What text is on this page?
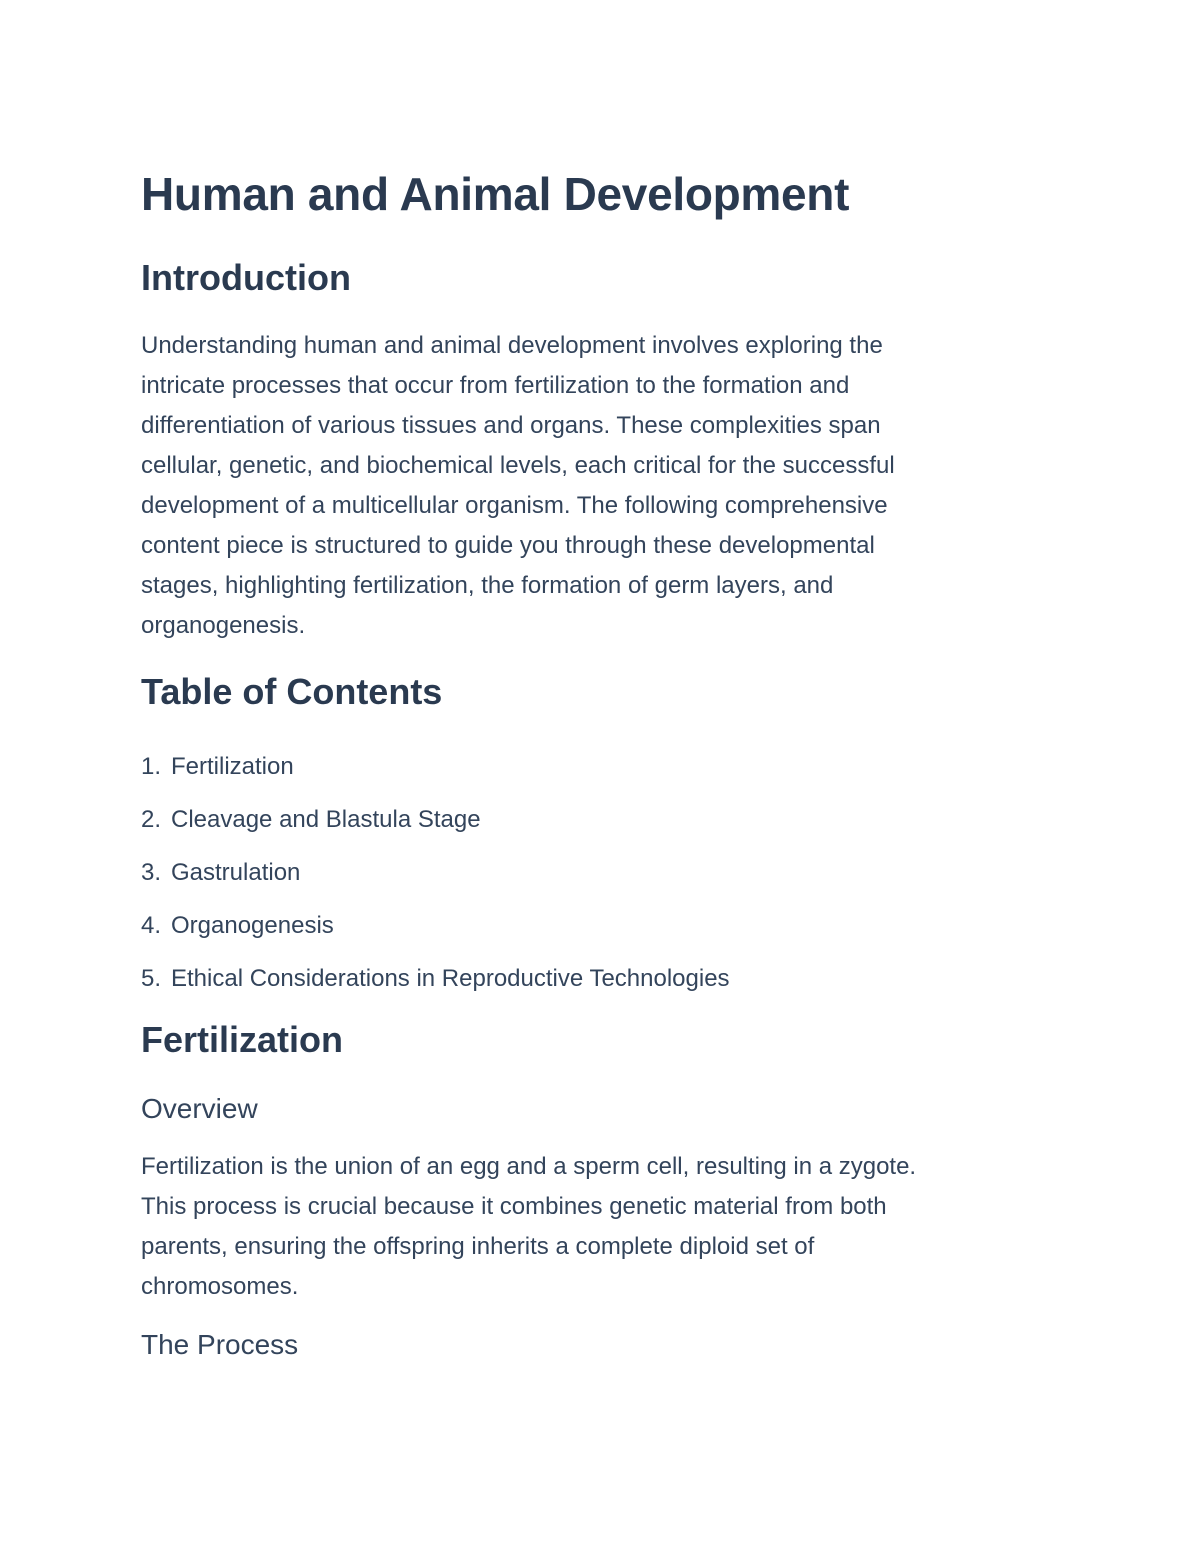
Human and Animal Development
Introduction

Understanding human and animal development involves exploring the
intricate processes that occur from fertilization to the formation and
differentiation of various tissues and organs. These complexities span
cellular, genetic, and biochemical levels, each critical for the successful
development of a multicellular organism. The following comprehensive
content piece is structured to guide you through these developmental
stages, highlighting fertilization, the formation of germ layers, and
organogenesis.

Table of Contents
1. Fertilization
2. Cleavage and Blastula Stage
3. Gastrulation
4. Organogenesis
5. Ethical Considerations in Reproductive Technologies
Fertilization
Overview

Fertilization is the union of an egg and a sperm cell, resulting in a zygote.
This process is crucial because it combines genetic material from both
parents, ensuring the offspring inherits a complete diploid set of
chromosomes.

The Process
